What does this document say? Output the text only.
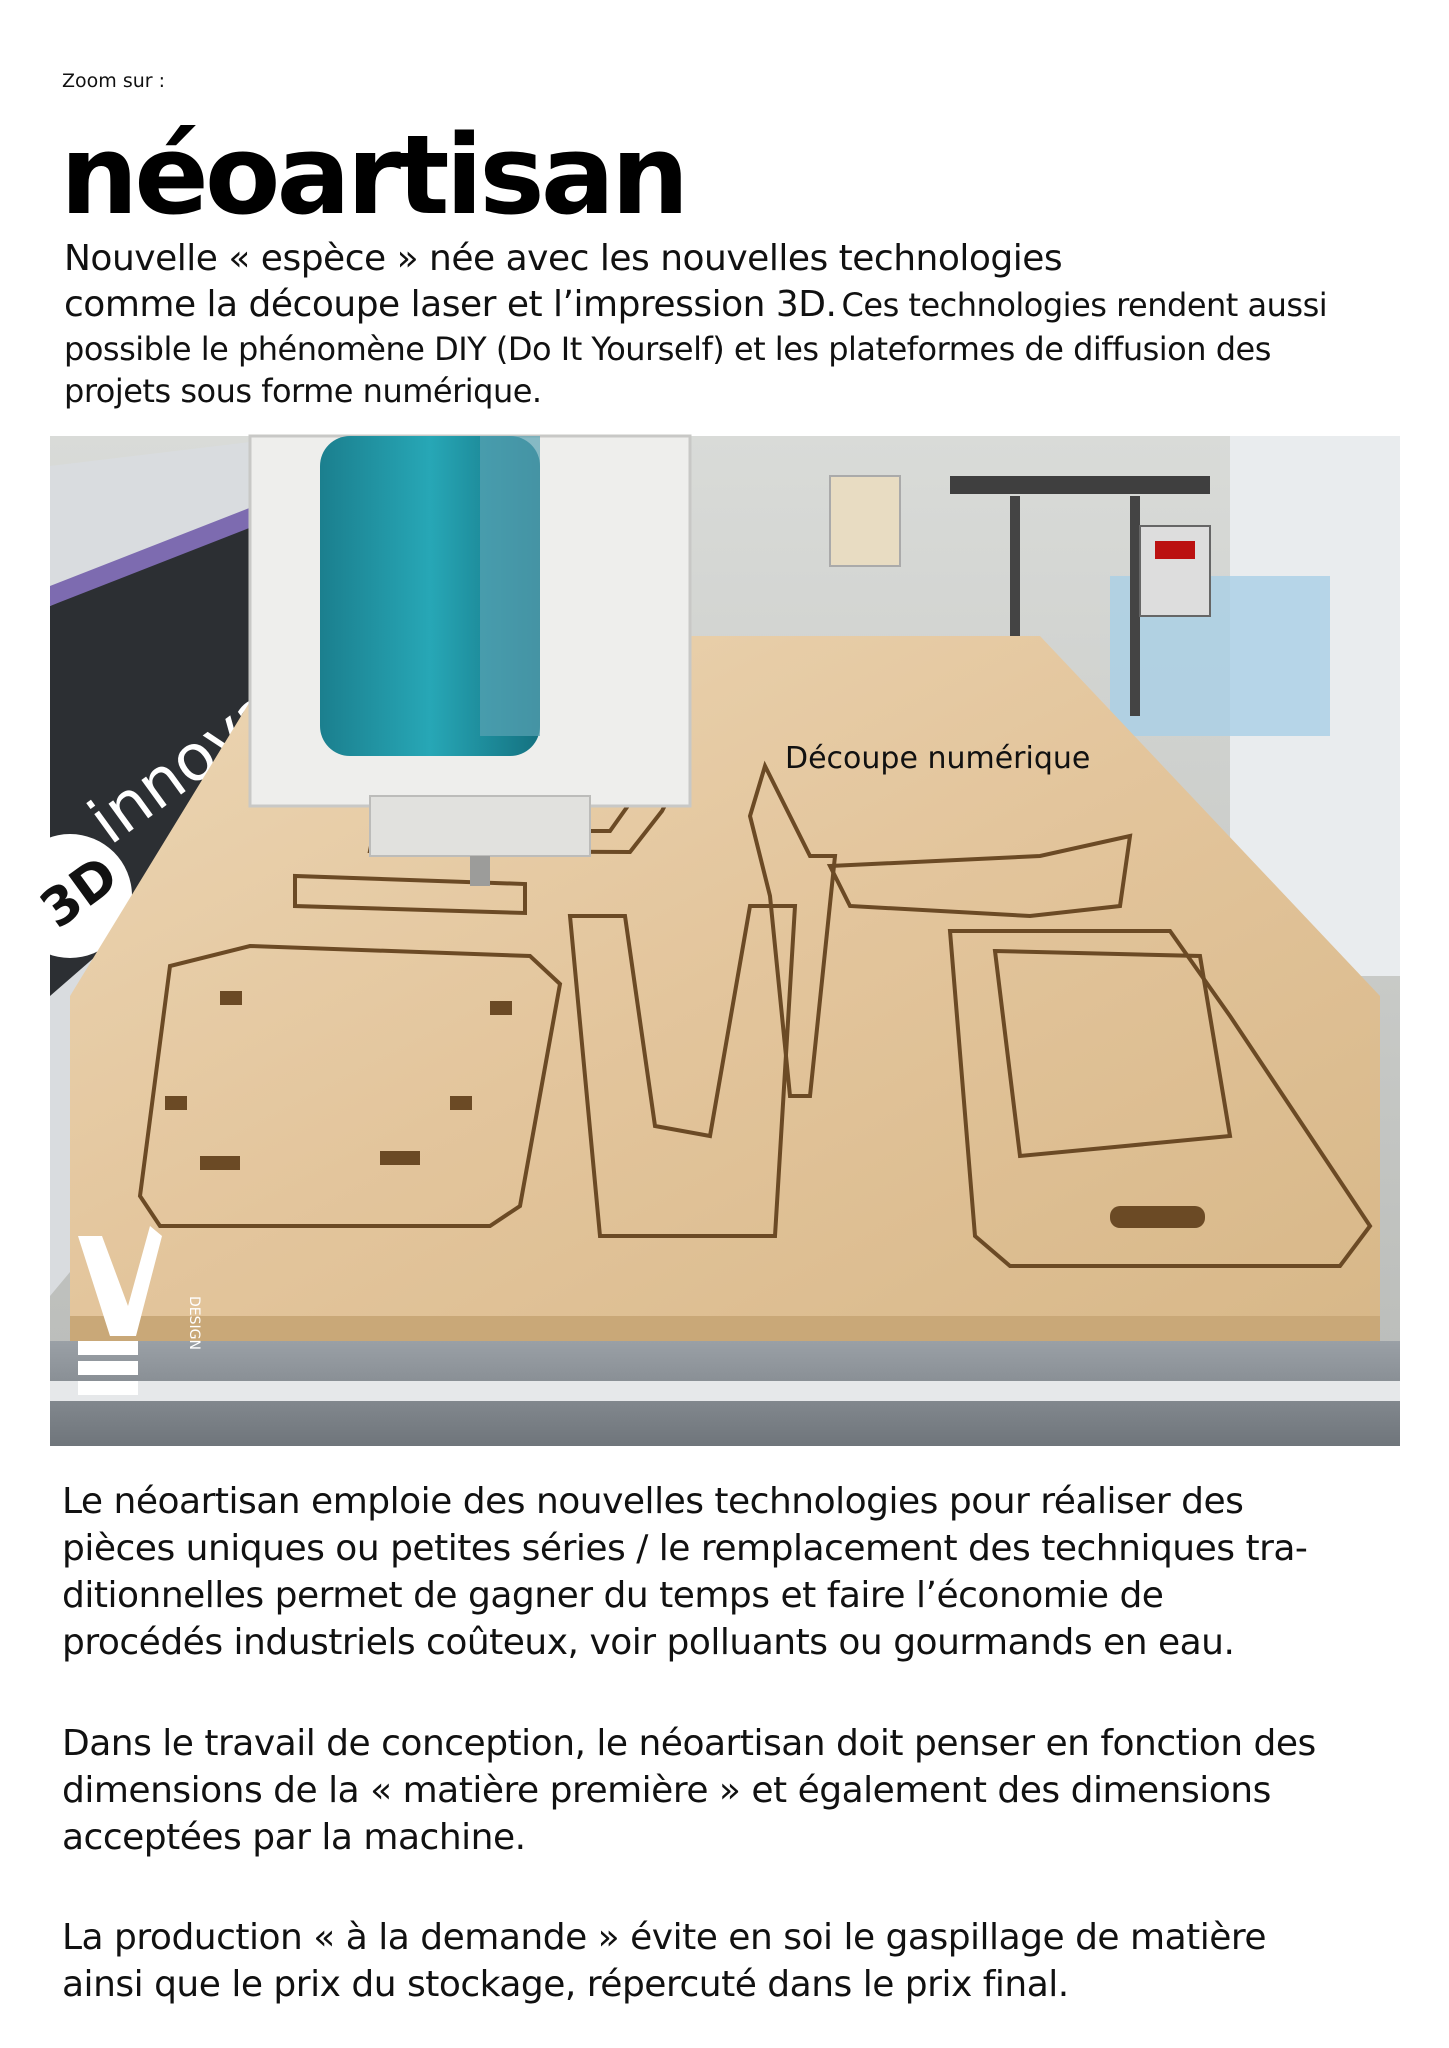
Zoom sur :
néoartisan
Nouvelle « espèce » née avec les nouvelles technologies
comme la découpe laser et l’impression 3D. Ces technologies rendent aussi
possible le phénomène DIY (Do It Yourself) et les plateformes de diffusion des
projets sous forme numérique.
3D
Découpe numérique
DESIGN
Le néoartisan emploie des nouvelles technologies pour réaliser des
pièces uniques ou petites séries / le remplacement des techniques tra-
ditionnelles permet de gagner du temps et faire l’économie de
procédés industriels coûteux, voir polluants ou gourmands en eau.
Dans le travail de conception, le néoartisan doit penser en fonction des
dimensions de la « matière première » et également des dimensions
acceptées par la machine.
La production « à la demande » évite en soi le gaspillage de matière
ainsi que le prix du stockage, répercuté dans le prix final.
